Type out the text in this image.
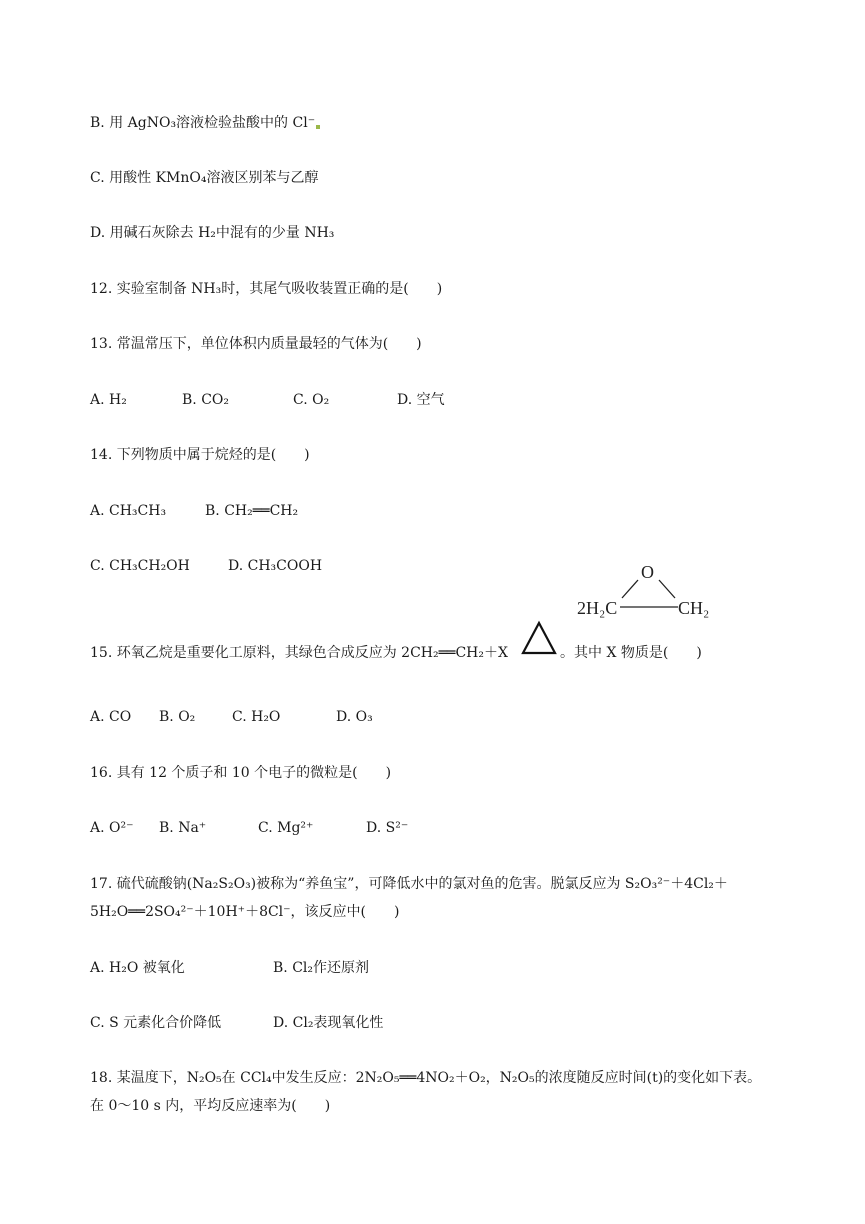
B. 用 AgNO₃溶液检验盐酸中的 Cl⁻
C. 用酸性 KMnO₄溶液区别苯与乙醇
D. 用碱石灰除去 H₂中混有的少量 NH₃
12. 实验室制备 NH₃时，其尾气吸收装置正确的是(　　)
13. 常温常压下，单位体积内质量最轻的气体为(　　)
A. H₂	B. CO₂	C. O₂	D. 空气
14. 下列物质中属于烷烃的是(　　)
A. CH₃CH₃	B. CH₂══CH₂
C. CH₃CH₂OH	D. CH₃COOH	O
2H₂C	CH₂
15. 环氧乙烷是重要化工原料，其绿色合成反应为 2CH₂══CH₂＋X	。其中 X 物质是(　　)
A. CO B. O₂	C. H₂O	D. O₃
16. 具有 12 个质子和 10 个电子的微粒是(　　)
A. O²⁻ B. Na⁺	C. Mg²⁺	D. S²⁻
17. 硫代硫酸钠(Na₂S₂O₃)被称为“养鱼宝”，可降低水中的氯对鱼的危害。脱氯反应为 S₂O₃²⁻＋4Cl₂＋
5H₂O══2SO₄²⁻＋10H⁺＋8Cl⁻，该反应中(　　)
A. H₂O 被氧化	B. Cl₂作还原剂
C. S 元素化合价降低	D. Cl₂表现氧化性
18. 某温度下，N₂O₅在 CCl₄中发生反应：2N₂O₅══4NO₂＋O₂，N₂O₅的浓度随反应时间(t)的变化如下表。
在 0～10 s 内，平均反应速率为(　　)
